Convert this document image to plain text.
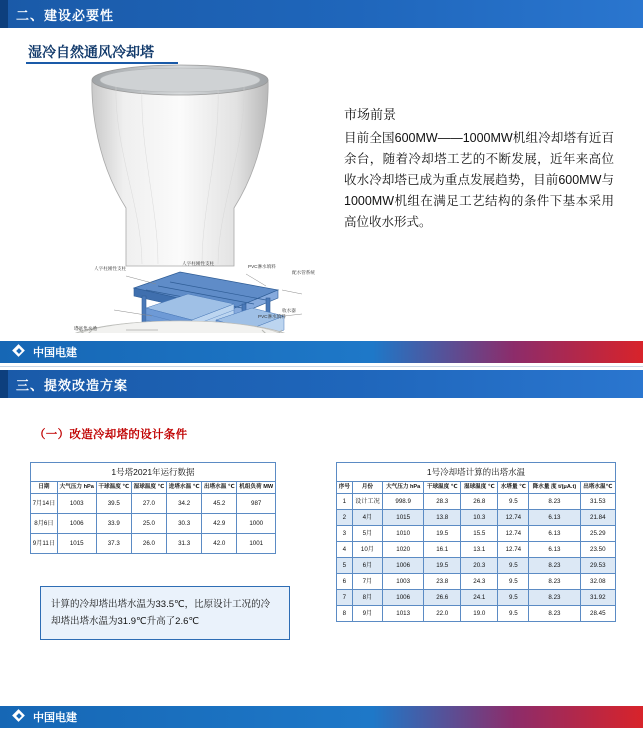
二、建设必要性
湿冷自然通风冷却塔
人字柱刚性支柱
人字柱刚性支柱
PVC淋水填料
配水管系统
收水器
PVC淋水填料
塔底集水池
市场前景
目前全国600MW——1000MW机组冷却塔有近百余台，随着冷却塔工艺的不断发展，近年来高位收水冷却塔已成为重点发展趋势，目前600MW与1000MW机组在满足工艺结构的条件下基本采用高位收水形式。
中国电建
三、提效改造方案
（一）改造冷却塔的设计条件
1号塔2021年运行数据
日期	大气压力 hPa	干球温度 ℃	湿球温度 ℃	进塔水温 ℃	出塔水温 ℃	机组负荷 MW
7月14日	1003	39.5	27.0	34.2	45.2	987
8月6日	1006	33.9	25.0	30.3	42.9	1000
9月11日	1015	37.3	26.0	31.3	42.0	1001
1号冷却塔计算的出塔水温
序号	月份	大气压力 hPa	干球温度 ℃	湿球温度 ℃	水塔量 ℃	降水量 度 t/(μA.t)	出塔水温℃
1	设计工况	998.9	28.3	26.8	9.5	8.23	31.53
2	4月	1015	13.8	10.3	12.74	6.13	21.84
3	5月	1010	19.5	15.5	12.74	6.13	25.29
4	10月	1020	16.1	13.1	12.74	6.13	23.50
5	6月	1006	19.5	20.3	9.5	8.23	29.53
6	7月	1003	23.8	24.3	9.5	8.23	32.08
7	8月	1006	26.6	24.1	9.5	8.23	31.92
8	9月	1013	22.0	19.0	9.5	8.23	28.45
计算的冷却塔出塔水温为33.5℃，比原设计工况的冷却塔出塔水温为31.9℃升高了2.6℃
中国电建
